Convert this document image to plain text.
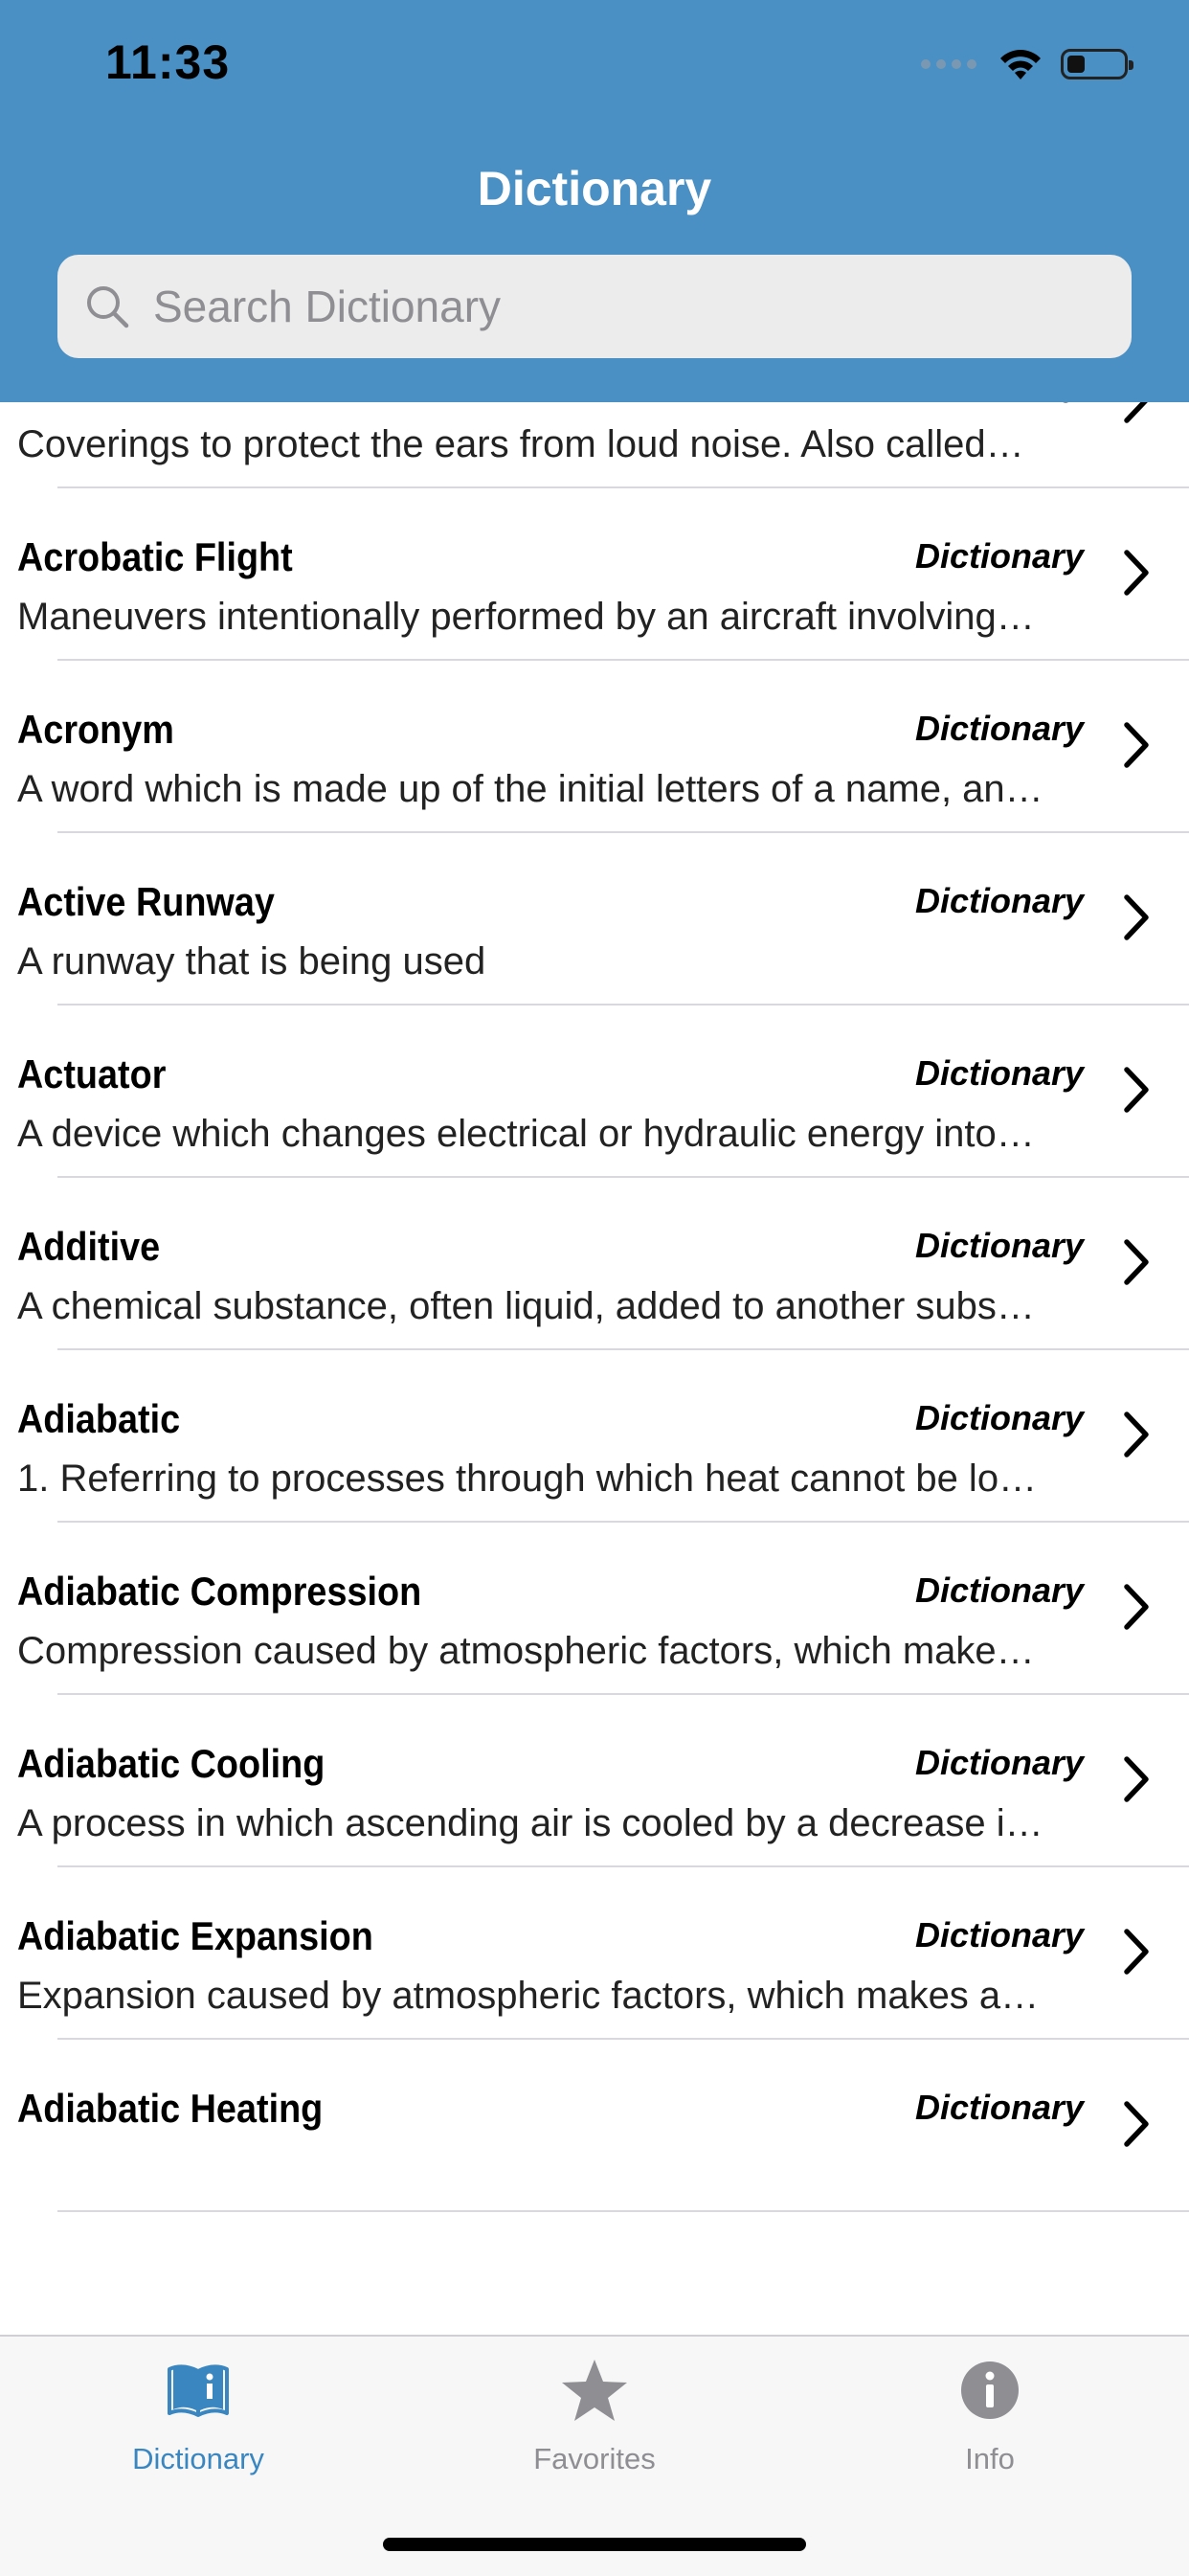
11:33
Dictionary
Search Dictionary
Coverings to protect the ears from loud noise. Also called…
Acrobatic Flight	Dictionary
Maneuvers intentionally performed by an aircraft involving…
Acronym	Dictionary
A word which is made up of the initial letters of a name, an…
Active Runway	Dictionary
A runway that is being used
Actuator	Dictionary
A device which changes electrical or hydraulic energy into…
Additive	Dictionary
A chemical substance, often liquid, added to another subs…
Adiabatic	Dictionary
1. Referring to processes through which heat cannot be lo…
Adiabatic Compression	Dictionary
Compression caused by atmospheric factors, which make…
Adiabatic Cooling	Dictionary
A process in which ascending air is cooled by a decrease i…
Adiabatic Expansion	Dictionary
Expansion caused by atmospheric factors, which makes a…
Adiabatic Heating	Dictionary
Dictionary	Favorites	Info
